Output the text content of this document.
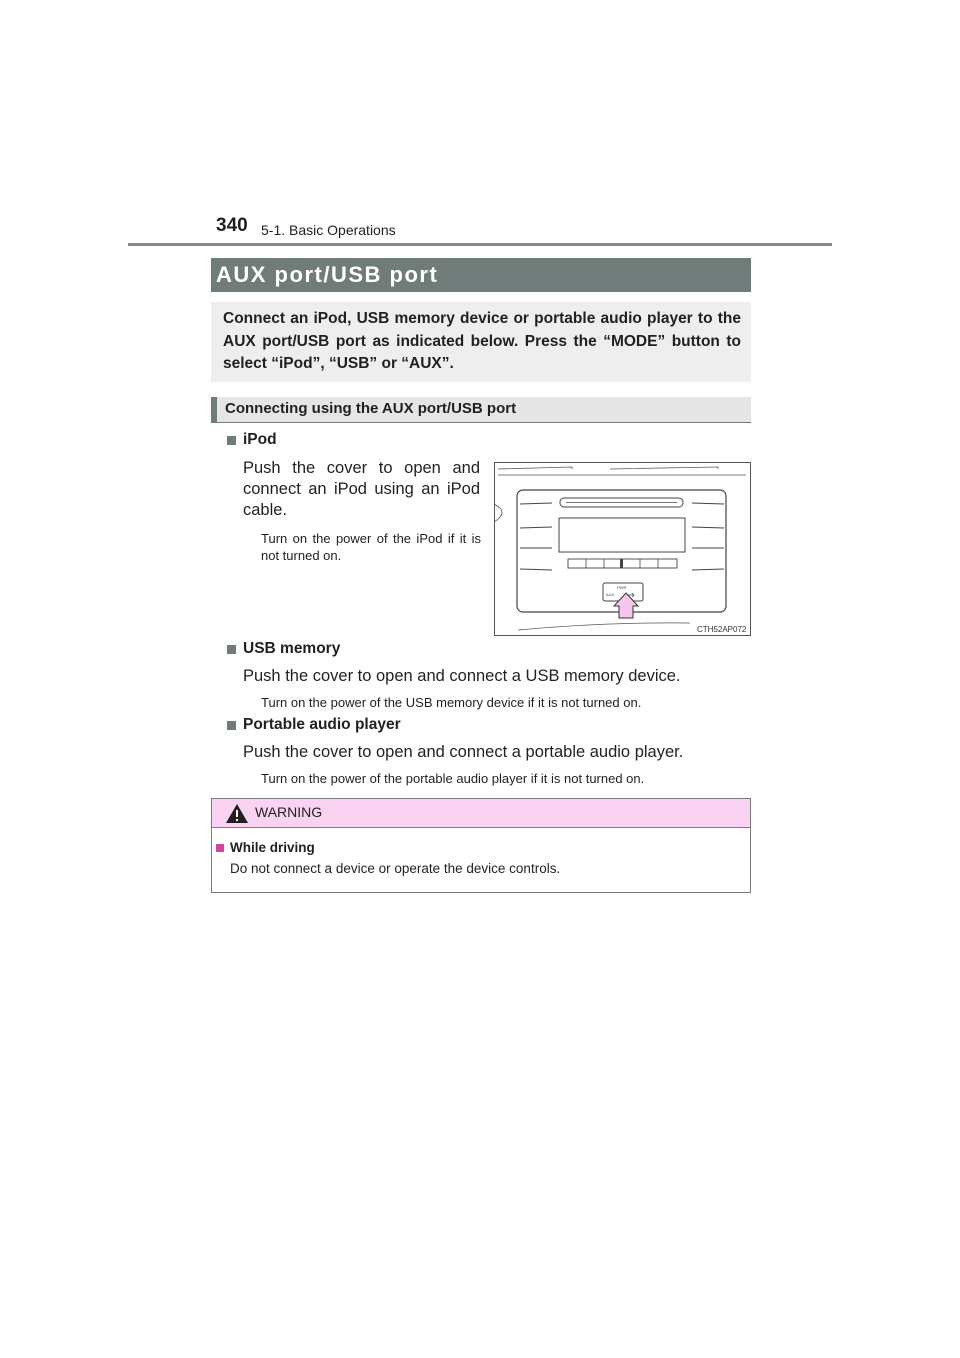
340 5-1. Basic Operations
AUX port/USB port
Connect an iPod, USB memory device or portable audio player to the AUX port/USB port as indicated below. Press the “MODE” button to select “iPod”, “USB” or “AUX”.
Connecting using the AUX port/USB port
iPod
Push the cover to open and connect an iPod using an iPod cable.
Turn on the power of the iPod if it is not turned on.
PWR
AUX
CTH52AP072
USB memory
Push the cover to open and connect a USB memory device.
Turn on the power of the USB memory device if it is not turned on.
Portable audio player
Push the cover to open and connect a portable audio player.
Turn on the power of the portable audio player if it is not turned on.
WARNING
While driving
Do not connect a device or operate the device controls.
